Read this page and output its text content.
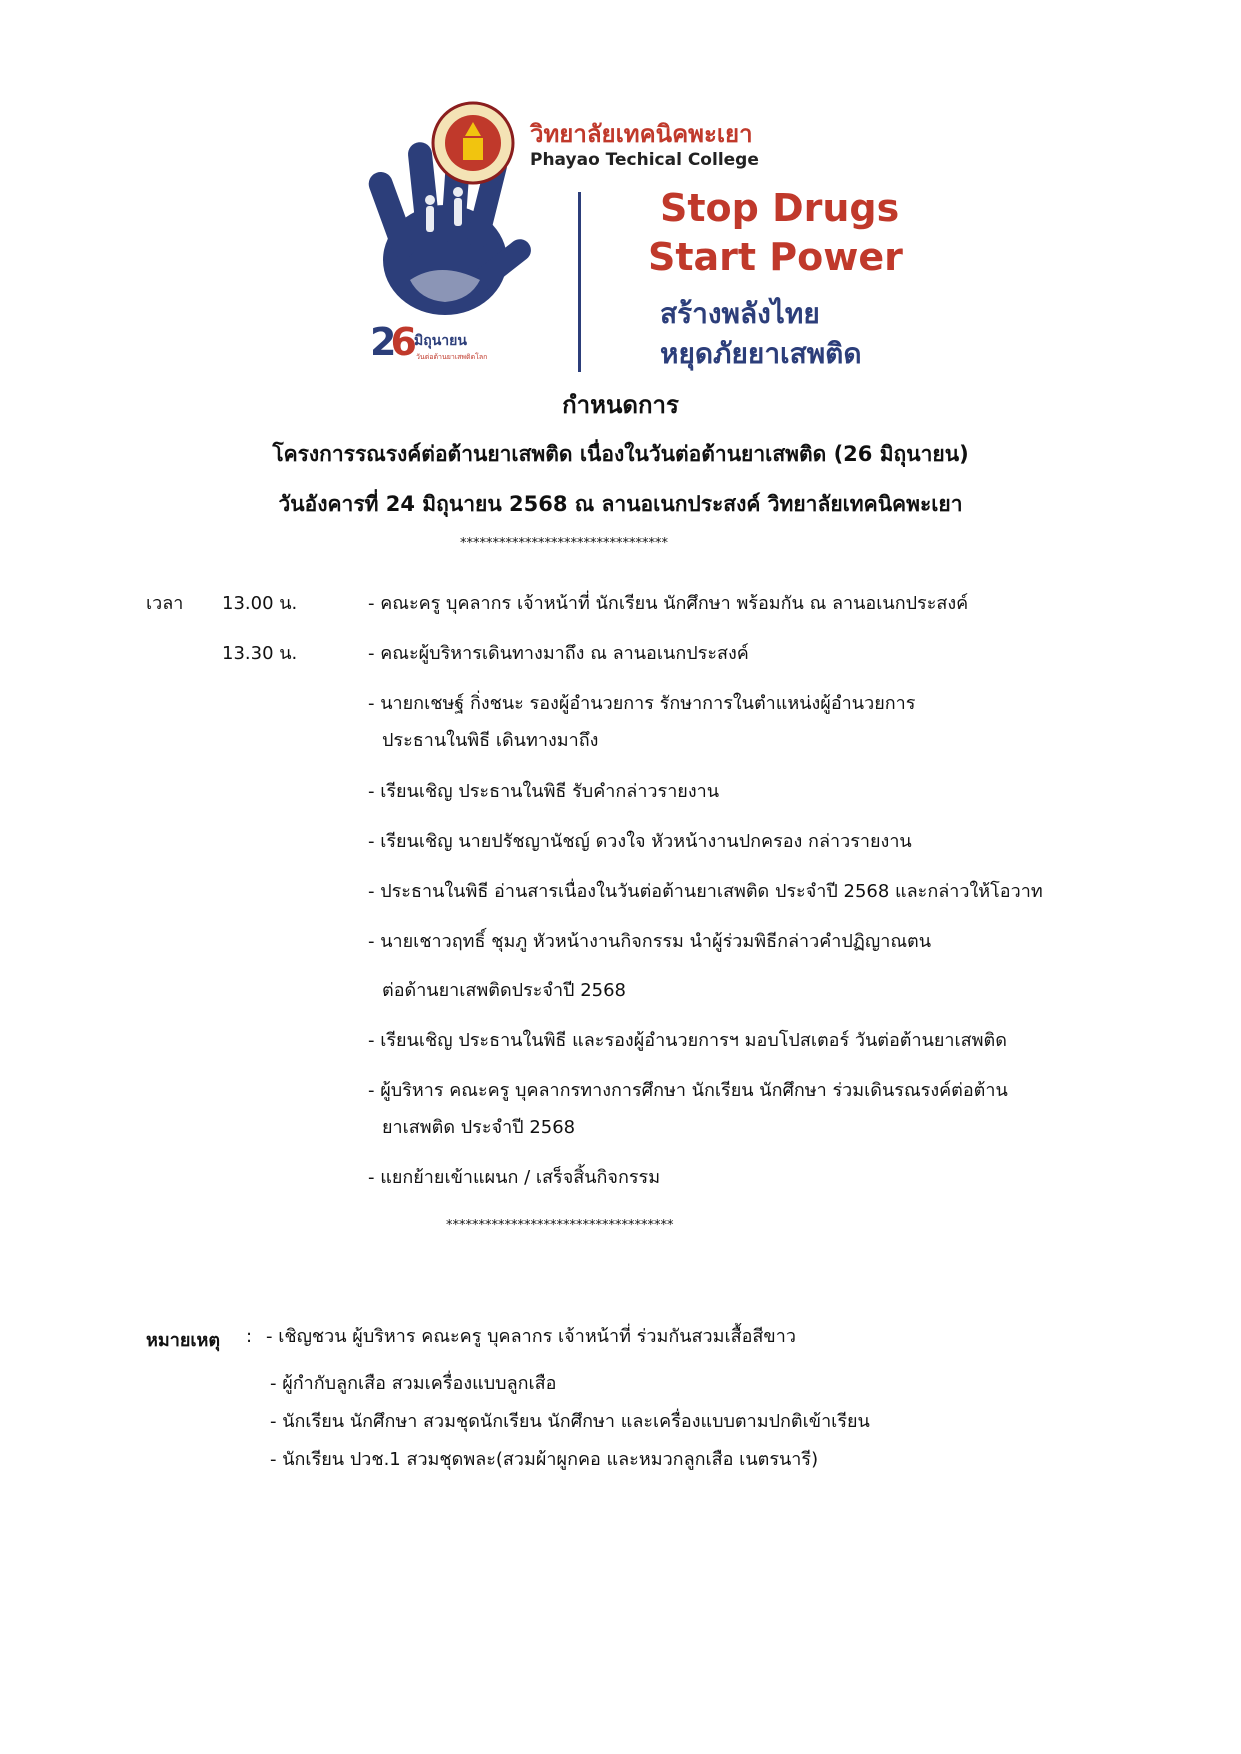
วิทยาลัยเทคนิคพะเยา
Phayao Techical College
Stop Drugs
Start Power
สร้างพลังไทย
หยุดภัยยาเสพติด
26 มิถุนายน
วันต่อต้านยาเสพติดโลก
กำหนดการ
โครงการรณรงค์ต่อต้านยาเสพติด เนื่องในวันต่อต้านยาเสพติด (26 มิถุนายน)
วันอังคารที่ 24 มิถุนายน 2568 ณ ลานอเนกประสงค์ วิทยาลัยเทคนิคพะเยา
********************************
เวลา 13.00 น.
13.30 น.
- คณะครู บุคลากร เจ้าหน้าที่ นักเรียน นักศึกษา พร้อมกัน ณ ลานอเนกประสงค์
- คณะผู้บริหารเดินทางมาถึง ณ ลานอเนกประสงค์
- นายกเชษฐ์ กิ่งชนะ รองผู้อำนวยการ รักษาการในตำแหน่งผู้อำนวยการ
ประธานในพิธี เดินทางมาถึง
- เรียนเชิญ ประธานในพิธี รับคำกล่าวรายงาน
- เรียนเชิญ นายปรัชญานัชญ์ ดวงใจ หัวหน้างานปกครอง กล่าวรายงาน
- ประธานในพิธี อ่านสารเนื่องในวันต่อต้านยาเสพติด ประจำปี 2568 และกล่าวให้โอวาท
- นายเชาวฤทธิ์ ชุมภู หัวหน้างานกิจกรรม นำผู้ร่วมพิธีกล่าวคำปฏิญาณตน
ต่อด้านยาเสพติดประจำปี 2568
- เรียนเชิญ ประธานในพิธี และรองผู้อำนวยการฯ มอบโปสเตอร์ วันต่อต้านยาเสพติด
- ผู้บริหาร คณะครู บุคลากรทางการศึกษา นักเรียน นักศึกษา ร่วมเดินรณรงค์ต่อต้าน
ยาเสพติด ประจำปี 2568
- แยกย้ายเข้าแผนก / เสร็จสิ้นกิจกรรม
***********************************
หมายเหตุ : - เชิญชวน ผู้บริหาร คณะครู บุคลากร เจ้าหน้าที่ ร่วมกันสวมเสื้อสีขาว
- ผู้กำกับลูกเสือ สวมเครื่องแบบลูกเสือ
- นักเรียน นักศึกษา สวมชุดนักเรียน นักศึกษา และเครื่องแบบตามปกติเข้าเรียน
- นักเรียน ปวช.1 สวมชุดพละ(สวมผ้าผูกคอ และหมวกลูกเสือ เนตรนารี)
